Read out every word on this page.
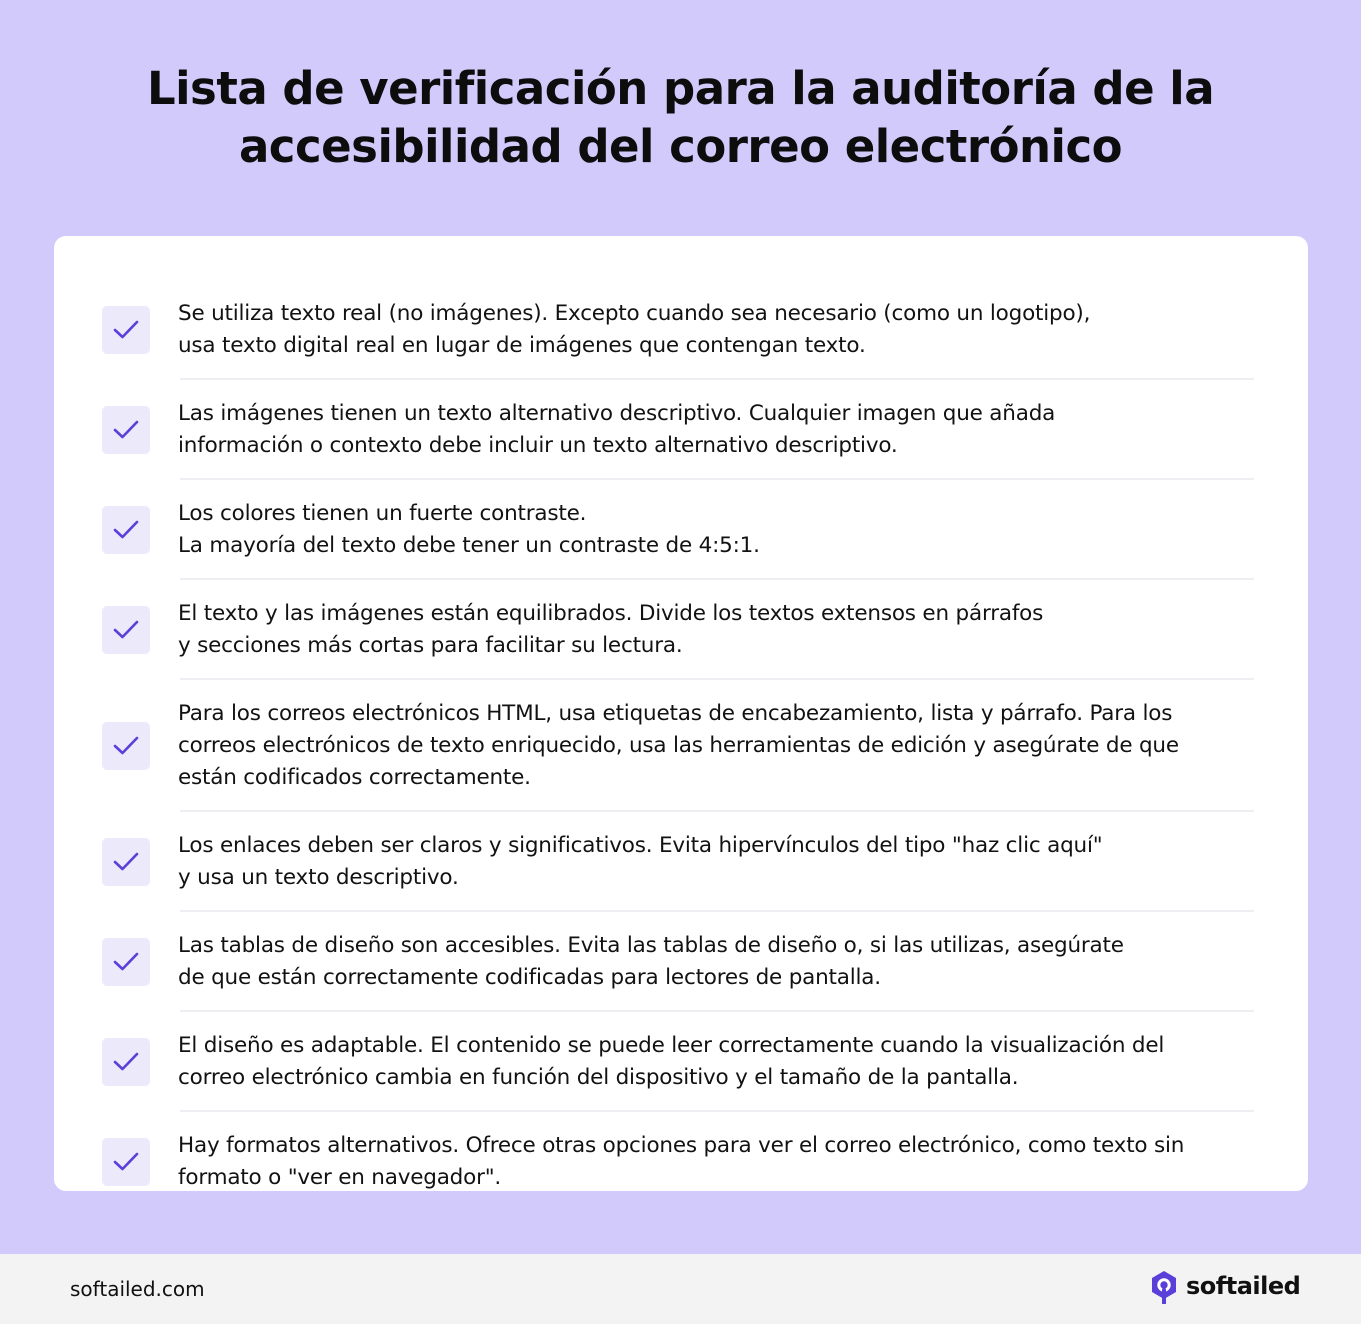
Lista de verificación para la auditoría de la
accesibilidad del correo electrónico
Se utiliza texto real (no imágenes). Excepto cuando sea necesario (como un logotipo),
usa texto digital real en lugar de imágenes que contengan texto.
Las imágenes tienen un texto alternativo descriptivo. Cualquier imagen que añada
información o contexto debe incluir un texto alternativo descriptivo.
Los colores tienen un fuerte contraste.
La mayoría del texto debe tener un contraste de 4:5:1.
El texto y las imágenes están equilibrados. Divide los textos extensos en párrafos
y secciones más cortas para facilitar su lectura.
Para los correos electrónicos HTML, usa etiquetas de encabezamiento, lista y párrafo. Para los
correos electrónicos de texto enriquecido, usa las herramientas de edición y asegúrate de que
están codificados correctamente.
Los enlaces deben ser claros y significativos. Evita hipervínculos del tipo "haz clic aquí"
y usa un texto descriptivo.
Las tablas de diseño son accesibles. Evita las tablas de diseño o, si las utilizas, asegúrate
de que están correctamente codificadas para lectores de pantalla.
El diseño es adaptable. El contenido se puede leer correctamente cuando la visualización del
correo electrónico cambia en función del dispositivo y el tamaño de la pantalla.
Hay formatos alternativos. Ofrece otras opciones para ver el correo electrónico, como texto sin
formato o "ver en navegador".
softailed.com	softailed
